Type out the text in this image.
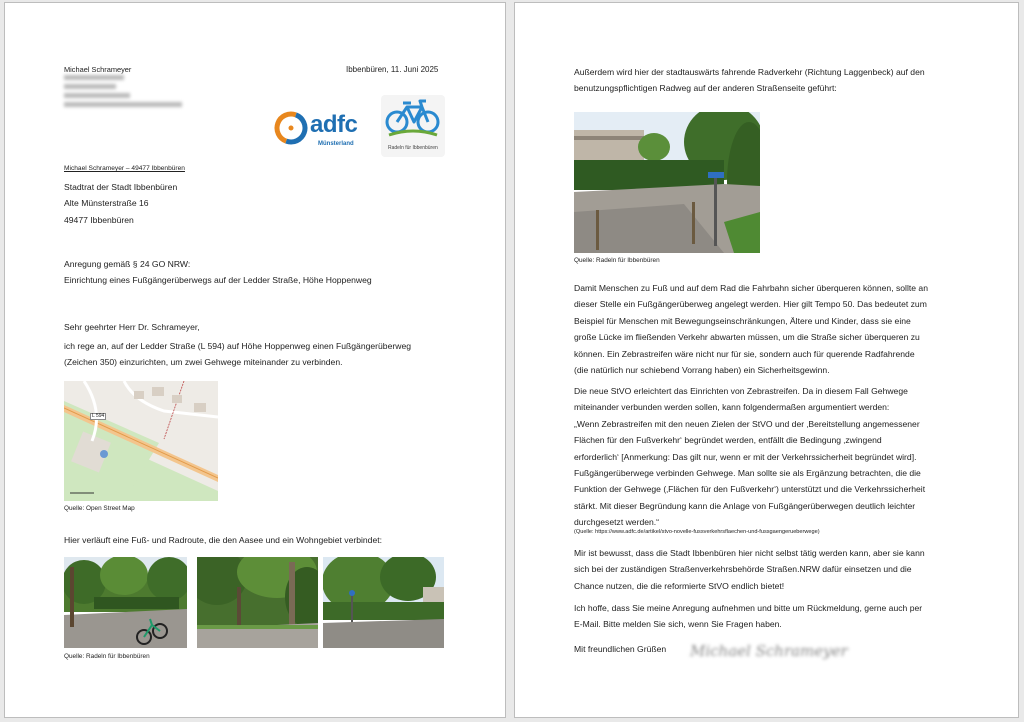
Michael Schrameyer	Ibbenbüren, 11. Juni 2025
adfc
Münsterland
Radeln für Ibbenbüren
Michael Schrameyer – 49477 Ibbenbüren
Stadtrat der Stadt Ibbenbüren
Alte Münsterstraße 16
49477 Ibbenbüren
Anregung gemäß § 24 GO NRW:
Einrichtung eines Fußgängerüberwegs auf der Ledder Straße, Höhe Hoppenweg
Sehr geehrter Herr Dr. Schrameyer,
ich rege an, auf der Ledder Straße (L 594) auf Höhe Hoppenweg einen Fußgängerüberweg
(Zeichen 350) einzurichten, um zwei Gehwege miteinander zu verbinden.
L 594
Quelle: Open Street Map
Hier verläuft eine Fuß- und Radroute, die den Aasee und ein Wohngebiet verbindet:
Quelle: Radeln für Ibbenbüren
Außerdem wird hier der stadtauswärts fahrende Radverkehr (Richtung Laggenbeck) auf den
benutzungspflichtigen Radweg auf der anderen Straßenseite geführt:
Quelle: Radeln für Ibbenbüren
Damit Menschen zu Fuß und auf dem Rad die Fahrbahn sicher überqueren können, sollte an
dieser Stelle ein Fußgängerüberweg angelegt werden. Hier gilt Tempo 50. Das bedeutet zum
Beispiel für Menschen mit Bewegungseinschränkungen, Ältere und Kinder, dass sie eine
große Lücke im fließenden Verkehr abwarten müssen, um die Straße sicher überqueren zu
können. Ein Zebrastreifen wäre nicht nur für sie, sondern auch für querende Radfahrende
(die natürlich nur schiebend Vorrang haben) ein Sicherheitsgewinn.
Die neue StVO erleichtert das Einrichten von Zebrastreifen. Da in diesem Fall Gehwege
miteinander verbunden werden sollen, kann folgendermaßen argumentiert werden:
„Wenn Zebrastreifen mit den neuen Zielen der StVO und der ‚Bereitstellung angemessener
Flächen für den Fußverkehr‘ begründet werden, entfällt die Bedingung ‚zwingend
erforderlich‘ [Anmerkung: Das gilt nur, wenn er mit der Verkehrssicherheit begründet wird].
Fußgängerüberwege verbinden Gehwege. Man sollte sie als Ergänzung betrachten, die die
Funktion der Gehwege (‚Flächen für den Fußverkehr‘) unterstützt und die Verkehrssicherheit
stärkt. Mit dieser Begründung kann die Anlage von Fußgängerüberwegen deutlich leichter
durchgesetzt werden.“
(Quelle: https://www.adfc.de/artikel/stvo-novelle-fussverkehrsflaechen-und-fussgaengerueberwege)
Mir ist bewusst, dass die Stadt Ibbenbüren hier nicht selbst tätig werden kann, aber sie kann
sich bei der zuständigen Straßenverkehrsbehörde Straßen.NRW dafür einsetzen und die
Chance nutzen, die die reformierte StVO endlich bietet!
Ich hoffe, dass Sie meine Anregung aufnehmen und bitte um Rückmeldung, gerne auch per
E-Mail. Bitte melden Sie sich, wenn Sie Fragen haben.
Mit freundlichen Grüßen Michael Schrameyer
